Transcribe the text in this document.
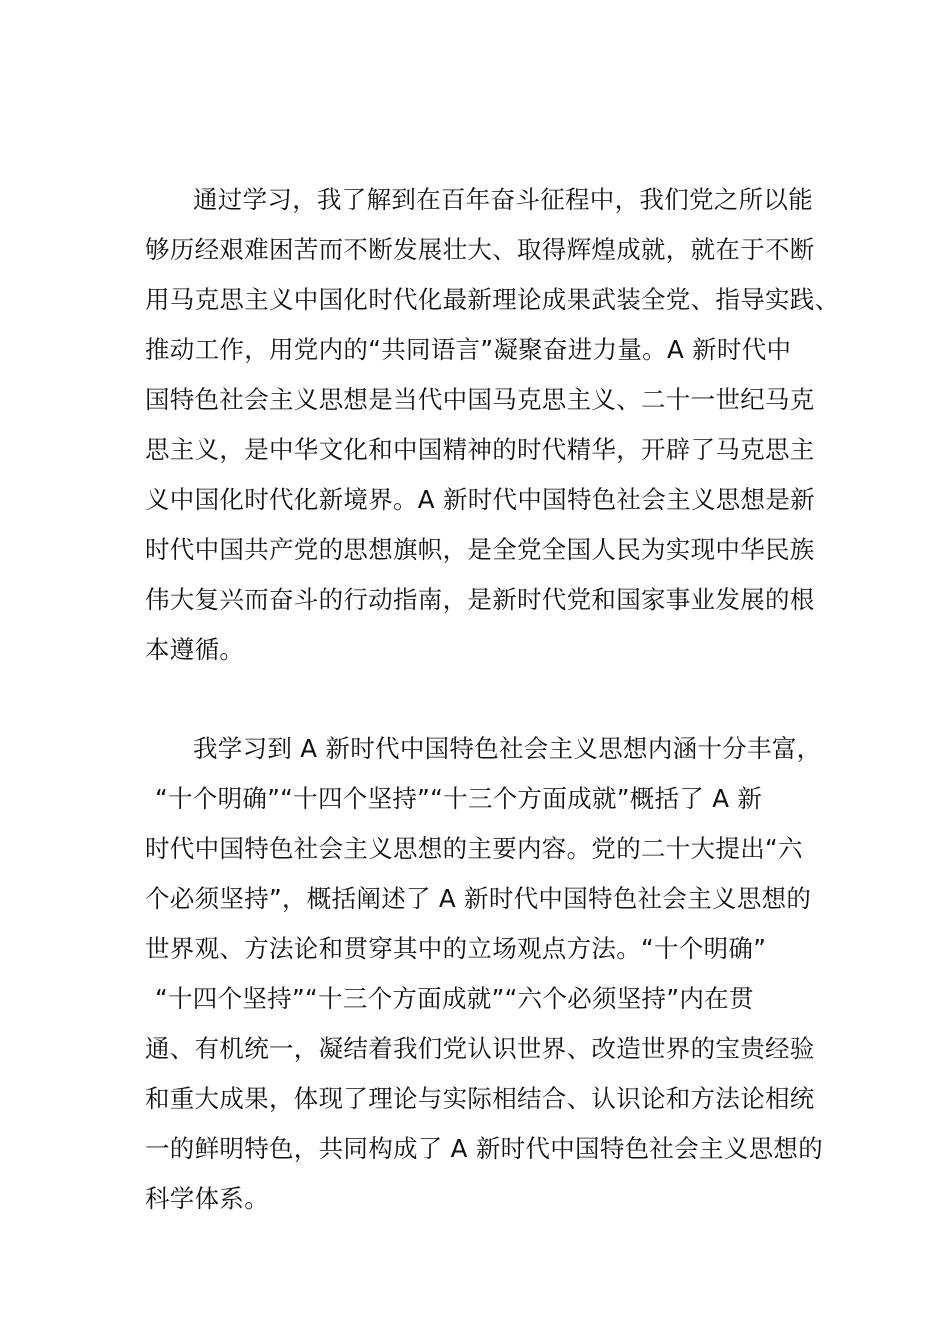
通过学习，我了解到在百年奋斗征程中，我们党之所以能
够历经艰难困苦而不断发展壮大、取得辉煌成就，就在于不断
用马克思主义中国化时代化最新理论成果武装全党、指导实践、
推动工作，用党内的“共同语言”凝聚奋进力量。A 新时代中
国特色社会主义思想是当代中国马克思主义、二十一世纪马克
思主义，是中华文化和中国精神的时代精华，开辟了马克思主
义中国化时代化新境界。A 新时代中国特色社会主义思想是新
时代中国共产党的思想旗帜，是全党全国人民为实现中华民族
伟大复兴而奋斗的行动指南，是新时代党和国家事业发展的根
本遵循。
我学习到 A 新时代中国特色社会主义思想内涵十分丰富，
“十个明确”“十四个坚持”“十三个方面成就”概括了 A 新
时代中国特色社会主义思想的主要内容。党的二十大提出“六
个必须坚持”，概括阐述了 A 新时代中国特色社会主义思想的
世界观、方法论和贯穿其中的立场观点方法。“十个明确”
“十四个坚持”“十三个方面成就”“六个必须坚持”内在贯
通、有机统一，凝结着我们党认识世界、改造世界的宝贵经验
和重大成果，体现了理论与实际相结合、认识论和方法论相统
一的鲜明特色，共同构成了 A 新时代中国特色社会主义思想的
科学体系。
